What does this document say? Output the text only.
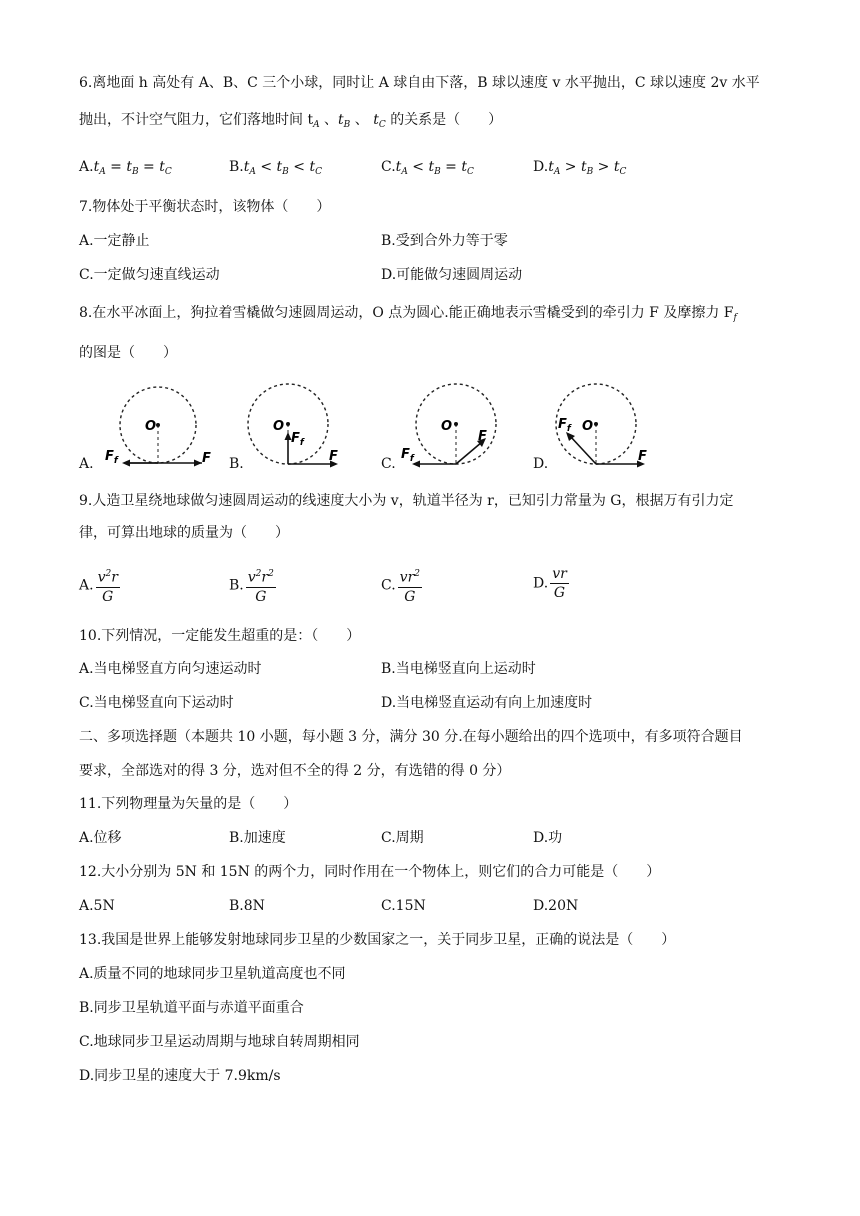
6.离地面 h 高处有 A、B、C 三个小球，同时让 A 球自由下落，B 球以速度 v 水平抛出，C 球以速度 2v 水平
抛出，不计空气阻力，它们落地时间 $t_A$ 、$t_B$ 、 $t_C$ 的关系是（　　）
$A.t_A = t_B = t_C$	$B.t_A < t_B < t_C$	$C.t_A < t_B = t_C$	$D.t_A > t_B > t_C$
7.物体处于平衡状态时，该物体（　　）
A.一定静止	B.受到合外力等于零
C.一定做匀速直线运动	D.可能做匀速圆周运动
8.在水平冰面上，狗拉着雪橇做匀速圆周运动，O 点为圆心.能正确地表示雪橇受到的牵引力 F 及摩擦力 $F_f$
的图是（　　）
A.
O
$F_f$	F B.
O
$F_f$
F	C.
O
$F_f$
F
D.
O
$F_f$
F
9.人造卫星绕地球做匀速圆周运动的线速度大小为 v，轨道半径为 r，已知引力常量为 G，根据万有引力定
律，可算出地球的质量为（　　）
A. $\frac{v^2r}{G}$	B. $\frac{v^2r^2}{G}$	C. $\frac{vr^2}{G}$	D. $\frac{vr}{G}$
10.下列情况，一定能发生超重的是：（　　）
A.当电梯竖直方向匀速运动时	B.当电梯竖直向上运动时
C.当电梯竖直向下运动时	D.当电梯竖直运动有向上加速度时
二、多项选择题（本题共 10 小题，每小题 3 分，满分 30 分.在每小题给出的四个选项中，有多项符合题目
要求，全部选对的得 3 分，选对但不全的得 2 分，有选错的得 0 分）
11.下列物理量为矢量的是（　　）
A.位移	B.加速度	C.周期	D.功
12.大小分别为 5N 和 15N 的两个力，同时作用在一个物体上，则它们的合力可能是（　　）
A.5N	B.8N	C.15N	D.20N
13.我国是世界上能够发射地球同步卫星的少数国家之一，关于同步卫星，正确的说法是（　　）
A.质量不同的地球同步卫星轨道高度也不同
B.同步卫星轨道平面与赤道平面重合
C.地球同步卫星运动周期与地球自转周期相同
D.同步卫星的速度大于 7.9km/s
